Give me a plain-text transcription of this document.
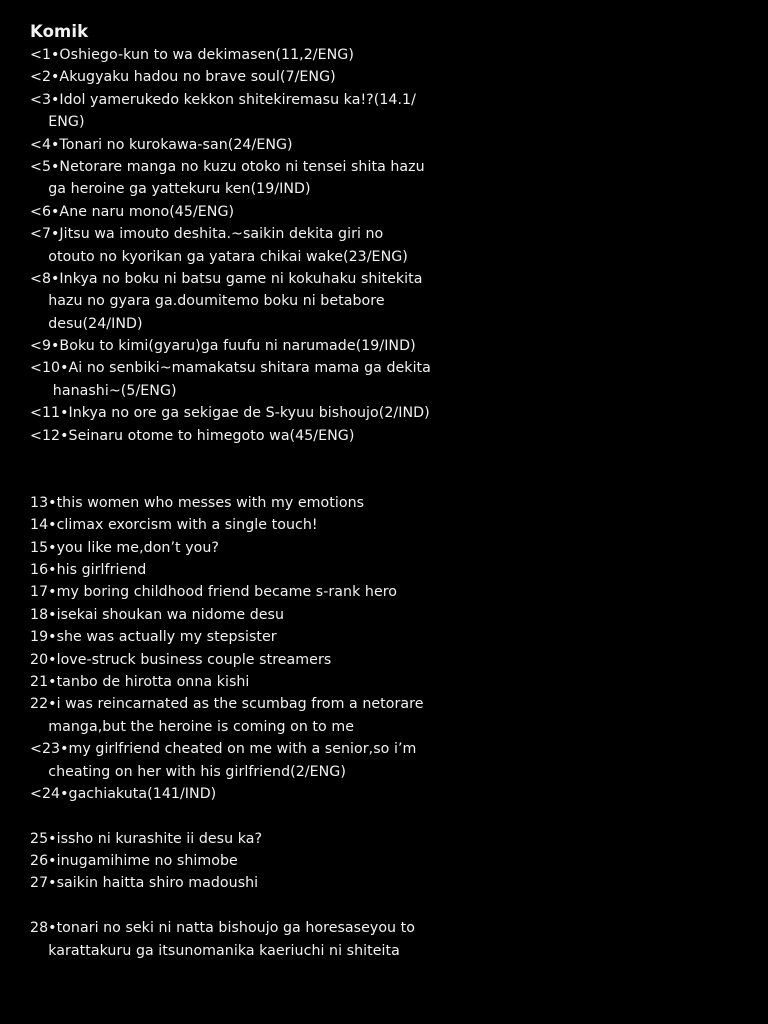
Komik
<1•Oshiego-kun to wa dekimasen(11,2/ENG)
<2•Akugyaku hadou no brave soul(7/ENG)
<3•Idol yamerukedo kekkon shitekiremasu ka!?(14.1/
ENG)
<4•Tonari no kurokawa-san(24/ENG)
<5•Netorare manga no kuzu otoko ni tensei shita hazu
ga heroine ga yattekuru ken(19/IND)
<6•Ane naru mono(45/ENG)
<7•Jitsu wa imouto deshita.~saikin dekita giri no
otouto no kyorikan ga yatara chikai wake(23/ENG)
<8•Inkya no boku ni batsu game ni kokuhaku shitekita
hazu no gyara ga.doumitemo boku ni betabore
desu(24/IND)
<9•Boku to kimi(gyaru)ga fuufu ni narumade(19/IND)
<10•Ai no senbiki~mamakatsu shitara mama ga dekita
hanashi~(5/ENG)
<11•Inkya no ore ga sekigae de S-kyuu bishoujo(2/IND)
<12•Seinaru otome to himegoto wa(45/ENG)
13•this women who messes with my emotions
14•climax exorcism with a single touch!
15•you like me,don’t you?
16•his girlfriend
17•my boring childhood friend became s-rank hero
18•isekai shoukan wa nidome desu
19•she was actually my stepsister
20•love-struck business couple streamers
21•tanbo de hirotta onna kishi
22•i was reincarnated as the scumbag from a netorare
manga,but the heroine is coming on to me
<23•my girlfriend cheated on me with a senior,so i’m
cheating on her with his girlfriend(2/ENG)
<24•gachiakuta(141/IND)
25•issho ni kurashite ii desu ka?
26•inugamihime no shimobe
27•saikin haitta shiro madoushi
28•tonari no seki ni natta bishoujo ga horesaseyou to
karattakuru ga itsunomanika kaeriuchi ni shiteita
